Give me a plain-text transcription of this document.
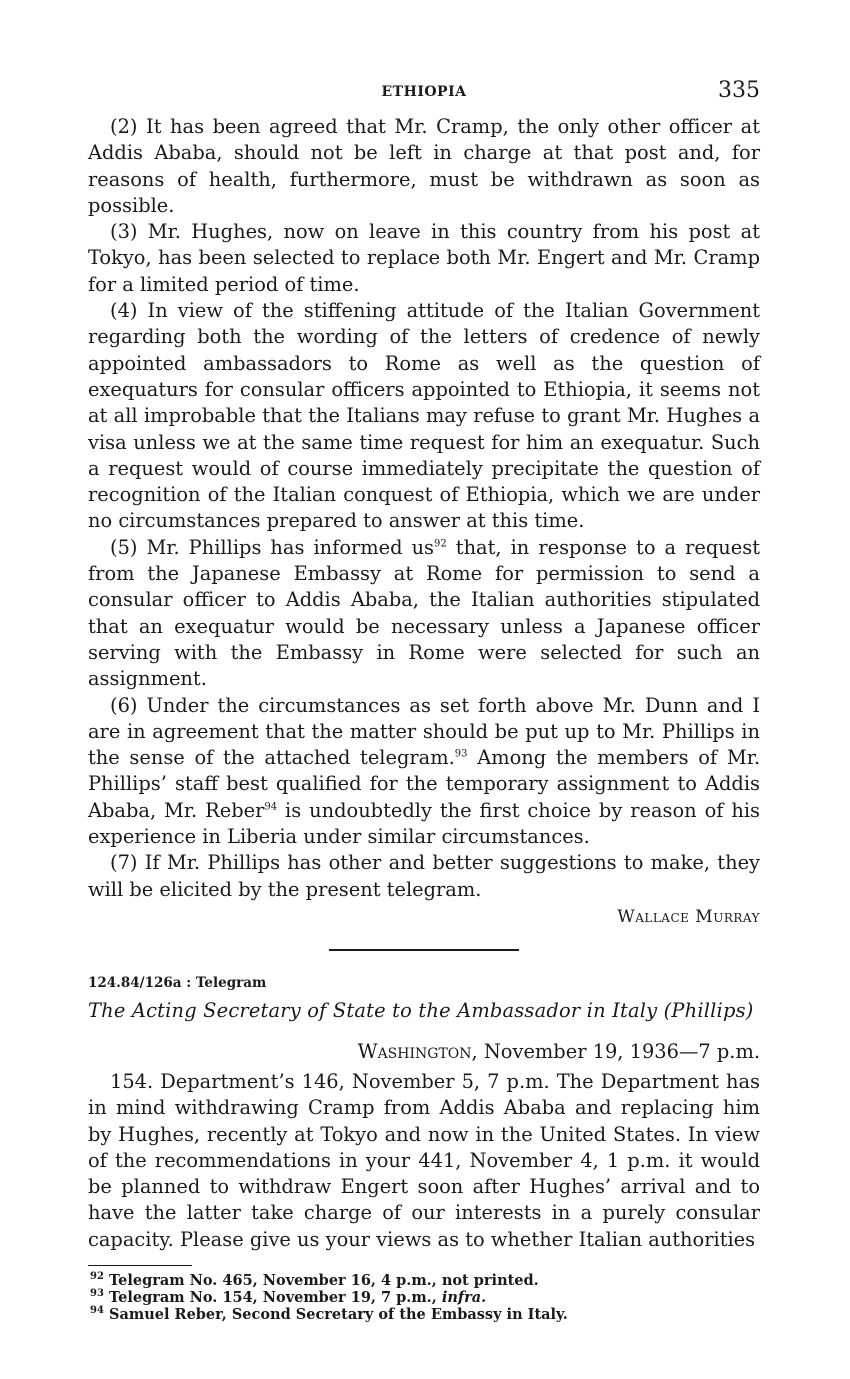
ETHIOPIA	335

(2) It has been agreed that Mr. Cramp, the only other officer at Addis Ababa, should not be left in charge at that post and, for reasons of health, furthermore, must be withdrawn as soon as possible.

(3) Mr. Hughes, now on leave in this country from his post at Tokyo, has been selected to replace both Mr. Engert and Mr. Cramp for a limited period of time.

(4) In view of the stiffening attitude of the Italian Government regarding both the wording of the letters of credence of newly appointed ambassadors to Rome as well as the question of exequaturs for consular officers appointed to Ethiopia, it seems not at all improbable that the Italians may refuse to grant Mr. Hughes a visa unless we at the same time request for him an exequatur. Such a request would of course immediately precipitate the question of recognition of the Italian conquest of Ethiopia, which we are under no circumstances prepared to answer at this time.

(5) Mr. Phillips has informed $us^{92}$ that, in response to a request from the Japanese Embassy at Rome for permission to send a consular officer to Addis Ababa, the Italian authorities stipulated that an exequatur would be necessary unless a Japanese officer serving with the Embassy in Rome were selected for such an assignment.

(6) Under the circumstances as set forth above Mr. Dunn and I are in agreement that the matter should be put up to Mr. Phillips in the sense of the attached telegram.$^{93}$ Among the members of Mr. Phillips’ staff best qualified for the temporary assignment to Addis Ababa, Mr. Reber$^{94}$ is undoubtedly the first choice by reason of his experience in Liberia under similar circumstances.

(7) If Mr. Phillips has other and better suggestions to make, they will be elicited by the present telegram.

Wallace Murray
124.84/126a : Telegram
The Acting Secretary of State to the Ambassador in Italy (Phillips)
Washington, November 19, 1936—7 p.m.

154. Department’s 146, November 5, 7 p.m. The Department has in mind withdrawing Cramp from Addis Ababa and replacing him by Hughes, recently at Tokyo and now in the United States. In view of the recommendations in your 441, November 4, 1 p.m. it would be planned to withdraw Engert soon after Hughes’ arrival and to have the latter take charge of our interests in a purely consular capacity. Please give us your views as to whether Italian authorities

$^{92}$ Telegram No. 465, November 16, 4 p.m., not printed.

$^{93}$ Telegram No. 154, November 19, 7 p.m., infra.

$^{94}$ Samuel Reber, Second Secretary of the Embassy in Italy.
